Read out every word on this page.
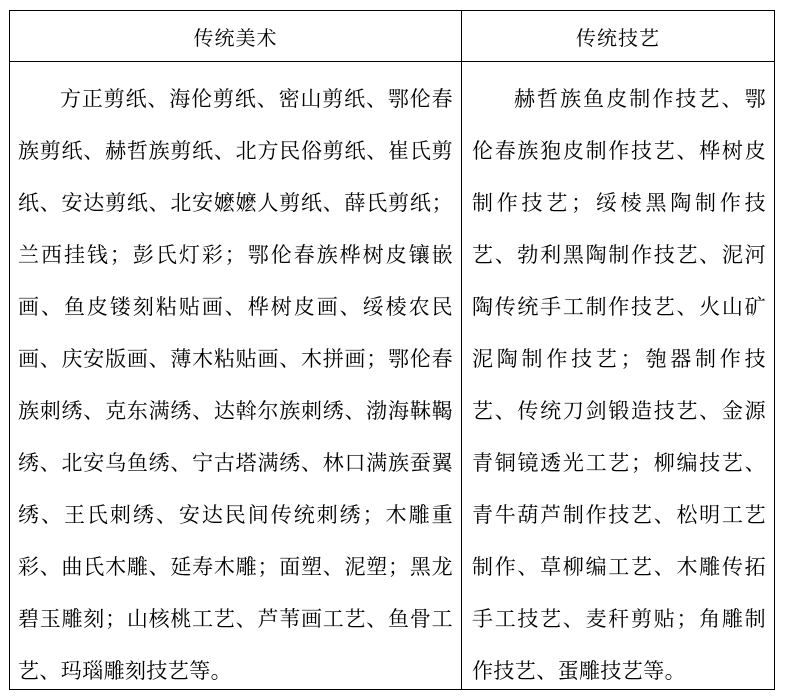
传统美术	传统技艺
方正剪纸、海伦剪纸、密山剪纸、鄂伦春族剪纸、赫哲族剪纸、北方民俗剪纸、崔氏剪纸、安达剪纸、北安嬷嬷人剪纸、薛氏剪纸；兰西挂钱；彭氏灯彩；鄂伦春族桦树皮镶嵌画、鱼皮镂刻粘贴画、桦树皮画、绥棱农民画、庆安版画、薄木粘贴画、木拼画；鄂伦春族刺绣、克东满绣、达斡尔族刺绣、渤海靺鞨绣、北安乌鱼绣、宁古塔满绣、林口满族蚕翼绣、王氏刺绣、安达民间传统刺绣；木雕重彩、曲氏木雕、延寿木雕；面塑、泥塑；黑龙碧玉雕刻；山核桃工艺、芦苇画工艺、鱼骨工艺、玛瑙雕刻技艺等。
赫哲族鱼皮制作技艺、鄂伦春族狍皮制作技艺、桦树皮制作技艺；绥棱黑陶制作技艺、勃利黑陶制作技艺、泥河陶传统手工制作技艺、火山矿泥陶制作技艺；匏器制作技艺、传统刀剑锻造技艺、金源青铜镜透光工艺；柳编技艺、青牛葫芦制作技艺、松明工艺制作、草柳编工艺、木雕传拓手工技艺、麦秆剪贴；角雕制作技艺、蛋雕技艺等。
